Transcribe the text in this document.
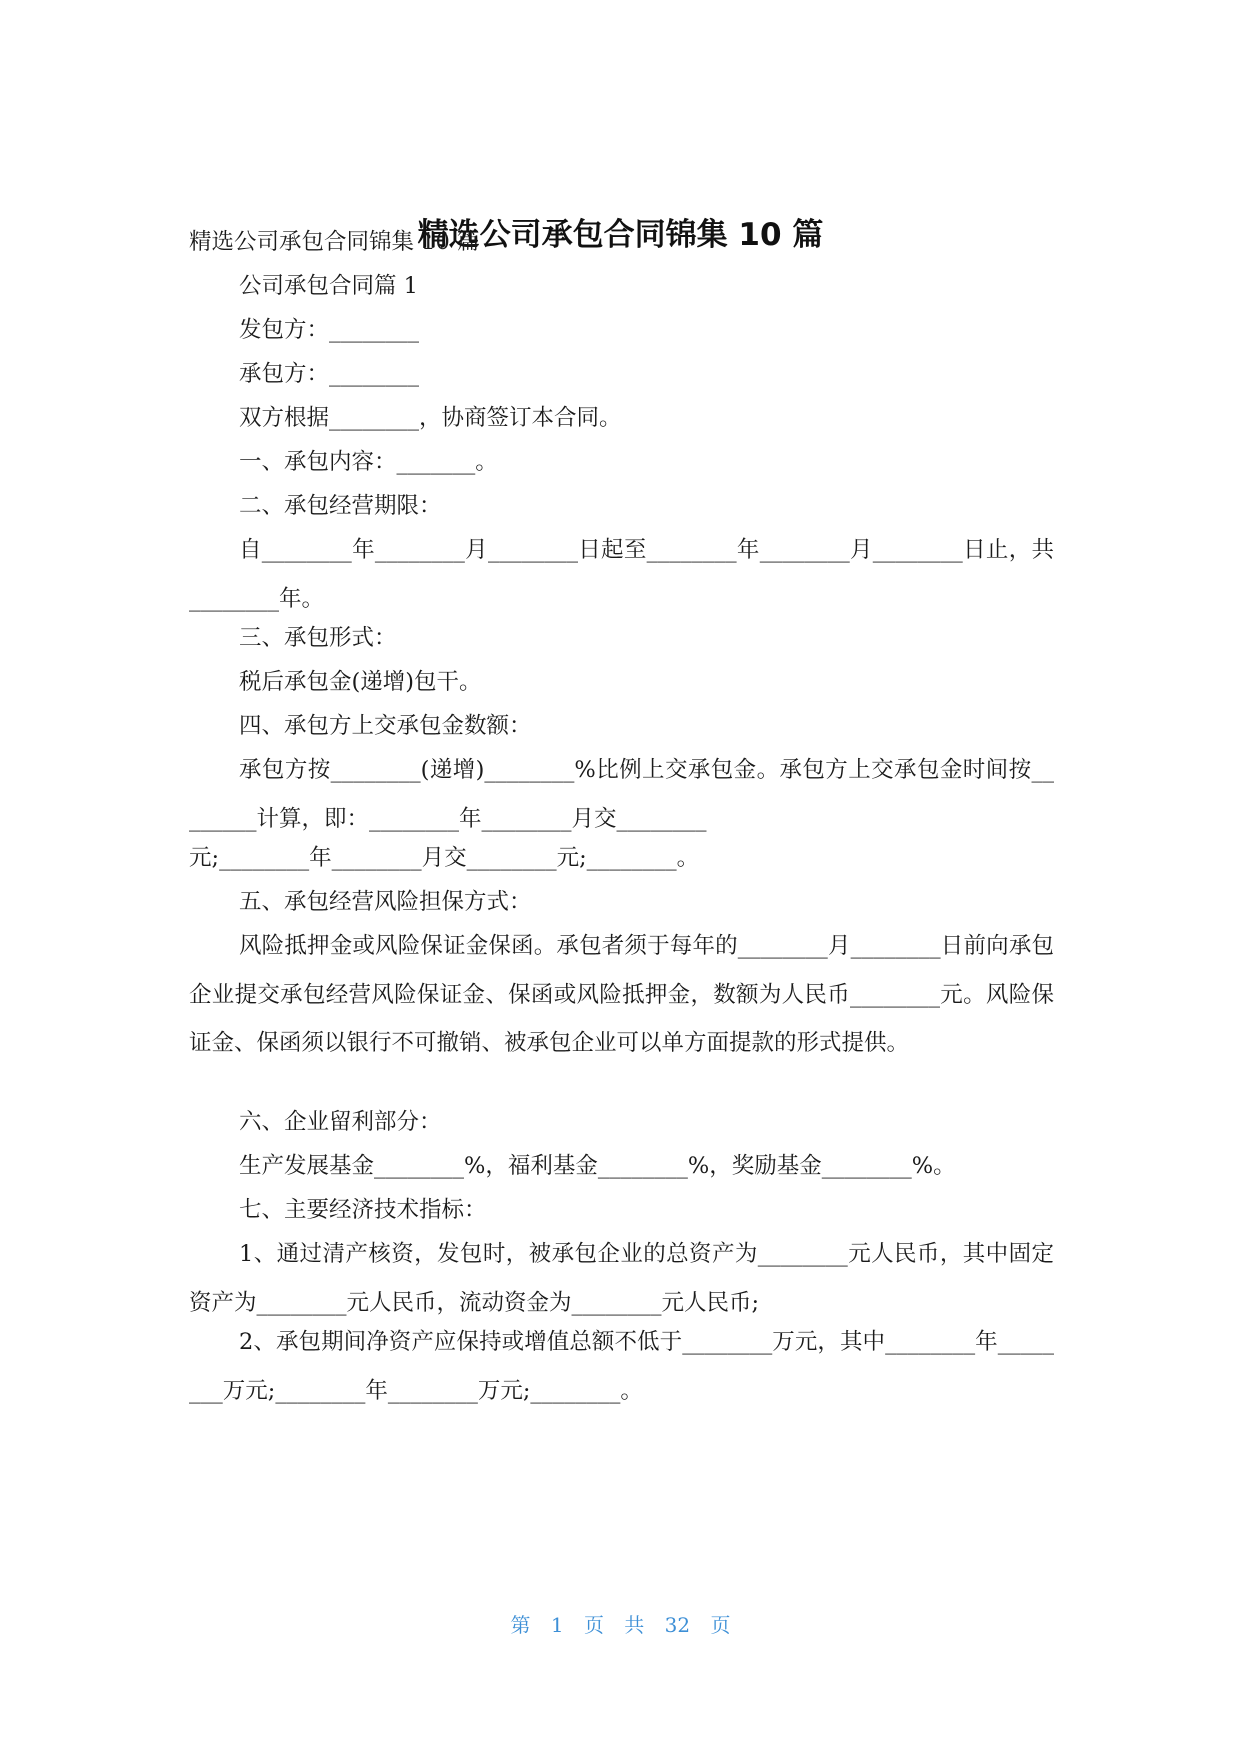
精选公司承包合同锦集 10 篇

精选公司承包合同锦集 10 篇

公司承包合同篇 1

发包方：________

承包方：________

双方根据________，协商签订本合同。

一、承包内容：_______。

二、承包经营期限：

自________年________月________日起至________年________月________日止，共________年。

三、承包形式：

税后承包金(递增)包干。

四、承包方上交承包金数额：

承包方按________(递增)________%比例上交承包金。承包方上交承包金时间按________计算，即：________年________月交________

元;________年________月交________元;________。

五、承包经营风险担保方式：

风险抵押金或风险保证金保函。承包者须于每年的________月________日前向承包企业提交承包经营风险保证金、保函或风险抵押金，数额为人民币________元。风险保证金、保函须以银行不可撤销、被承包企业可以单方面提款的形式提供。

六、企业留利部分：

生产发展基金________%，福利基金________%，奖励基金________%。

七、主要经济技术指标：

1、通过清产核资，发包时，被承包企业的总资产为________元人民币，其中固定资产为________元人民币，流动资金为________元人民币;

2、承包期间净资产应保持或增值总额不低于________万元，其中________年________万元;________年________万元;________。

第 1 页 共 32 页
